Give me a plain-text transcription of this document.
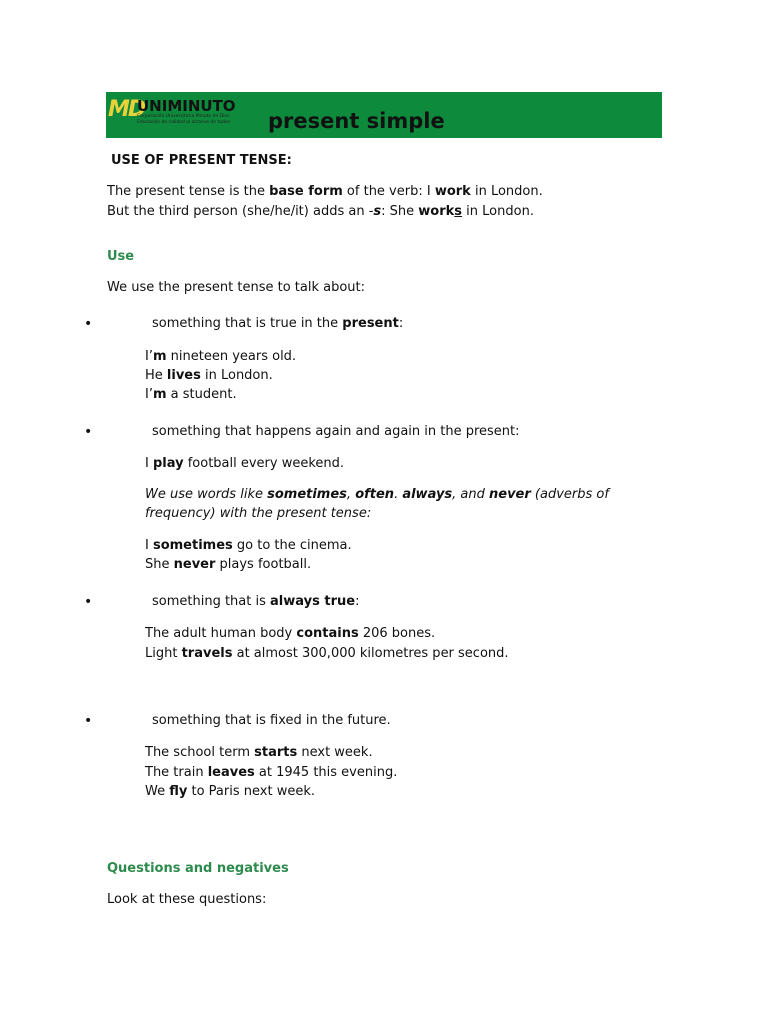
MD
UNIMINUTO
Corporación Universitaria Minuto de Dios
Educación de calidad al alcance de todos present simple
USE OF PRESENT TENSE:
The present tense is the base form of the verb: I work in London.
But the third person (she/he/it) adds an -s: She works in London.
Use
We use the present tense to talk about:
•	something that is true in the present:
I’m nineteen years old.
He lives in London.
I’m a student.
•	something that happens again and again in the present:
I play football every weekend.
We use words like sometimes, often. always, and never (adverbs of
frequency) with the present tense:
I sometimes go to the cinema.
She never plays football.
•	something that is always true:
The adult human body contains 206 bones.
Light travels at almost 300,000 kilometres per second.
•	something that is fixed in the future.
The school term starts next week.
The train leaves at 1945 this evening.
We fly to Paris next week.
Questions and negatives
Look at these questions:
